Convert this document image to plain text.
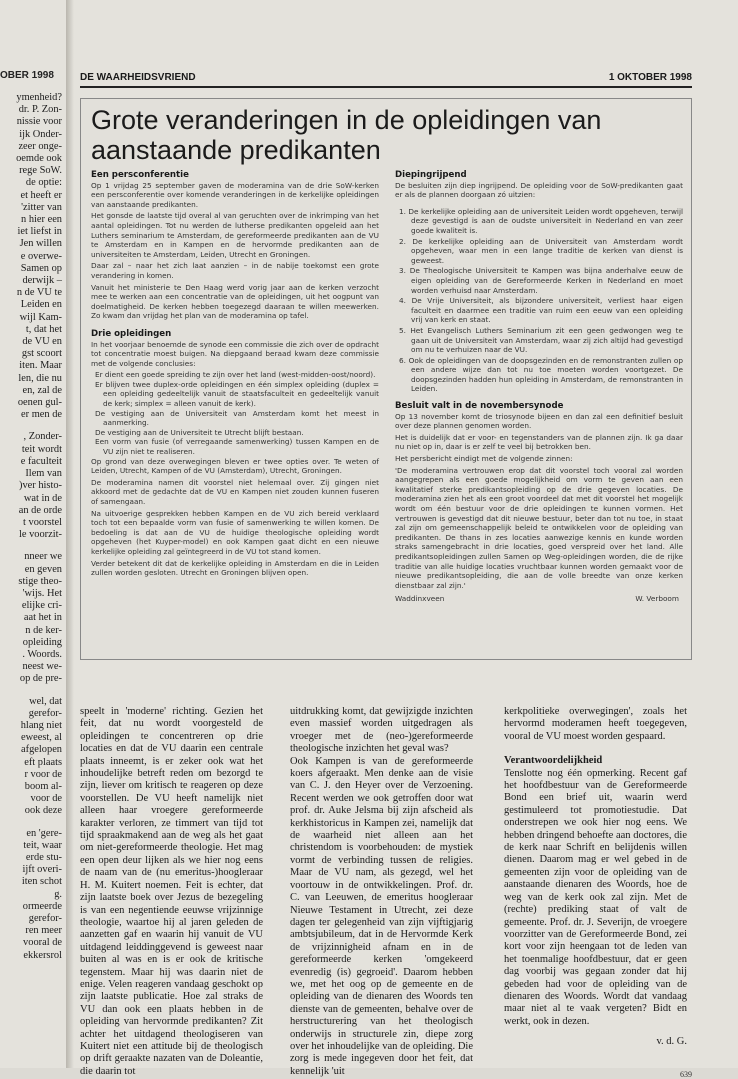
OBER 1998
ymenheid?
dr. P. Zon-
nissie voor
ijk Onder-
zeer onge-
oemde ook
rege SoW.
de optie:
et heeft er
'zitter van
n hier een
iet liefst in
Jen willen
e overwe-
Samen op
derwijk –
n de VU te
Leiden en
wijl Kam-
t, dat het
de VU en
gst scoort
iten. Maar
len, die nu
en, zal de
oenen gul-
er men de
, Zonder-
teit wordt
e faculteit
Ilem van
)ver histo-
wat in de
an de orde
t voorstel
le voorzit-
nneer we
en geven
stige theo-
'wijs. Het
elijke cri-
aat het in
n de ker-
opleiding
. Woords.
neest we-
op de pre-
wel, dat
gerefor-
hlang niet
eweest, al
afgelopen
eft plaats
r voor de
boom al-
voor de
ook deze
en 'gere-
teit, waar
erde stu-
ijft overi-
iten schot
g.
ormeerde
gerefor-
ren meer
vooral de
ekkersrol
DE WAARHEIDSVRIEND	1 OKTOBER 1998
Grote veranderingen in de opleidingen van aanstaande predikanten

Een persconferentie

Op 1 vrijdag 25 september gaven de moderamina van de drie SoW-kerken een persconferentie over komende veranderingen in de kerkelijke opleidingen van aanstaande predikanten.

Het gonsde de laatste tijd overal al van geruchten over de inkrimping van het aantal opleidingen. Tot nu werden de lutherse predikanten opgeleid aan het Luthers seminarium te Amsterdam, de gereformeerde predikanten aan de VU te Amsterdam en in Kampen en de hervormde predikanten aan de universiteiten te Amsterdam, Leiden, Utrecht en Groningen.

Daar zal – naar het zich laat aanzien – in de nabije toekomst een grote verandering in komen.

Vanuit het ministerie te Den Haag werd vorig jaar aan de kerken verzocht mee te werken aan een concentratie van de opleidingen, uit het oogpunt van doelmatigheid. De kerken hebben toegezegd daaraan te willen meewerken. Zo kwam dan vrijdag het plan van de moderamina op tafel.

Drie opleidingen

In het voorjaar benoemde de synode een commissie die zich over de opdracht tot concentratie moest buigen. Na diepgaand beraad kwam deze commissie met de volgende conclusies:

Er dient een goede spreiding te zijn over het land (west-midden-oost/noord).

Er blijven twee duplex-orde opleidingen en één simplex opleiding (duplex = een opleiding gedeeltelijk vanuit de staatsfaculteit en gedeeltelijk vanuit de kerk; simplex = alleen vanuit de kerk).

De vestiging aan de Universiteit van Amsterdam komt het meest in aanmerking.

De vestiging aan de Universiteit te Utrecht blijft bestaan.

Een vorm van fusie (of verregaande samenwerking) tussen Kampen en de VU zijn niet te realiseren.

Op grond van deze overwegingen bleven er twee opties over. Te weten of Leiden, Utrecht, Kampen of de VU (Amsterdam), Utrecht, Groningen.

De moderamina namen dit voorstel niet helemaal over. Zij gingen niet akkoord met de gedachte dat de VU en Kampen niet zouden kunnen fuseren of samengaan.

Na uitvoerige gesprekken hebben Kampen en de VU zich bereid verklaard toch tot een bepaalde vorm van fusie of samenwerking te willen komen. De bedoeling is dat aan de VU de huidige theologische opleiding wordt opgeheven (het Kuyper-model) en ook Kampen gaat dicht en een nieuwe kerkelijke opleiding zal geïntegreerd in de VU tot stand komen.

Verder betekent dit dat de kerkelijke opleiding in Amsterdam en die in Leiden zullen worden gesloten. Utrecht en Groningen blijven open.

Diepingrijpend

De besluiten zijn diep ingrijpend. De opleiding voor de SoW-predikanten gaat er als de plannen doorgaan zó uitzien:

1. De kerkelijke opleiding aan de universiteit Leiden wordt opgeheven, terwijl deze gevestigd is aan de oudste universiteit in Nederland en van zeer goede kwaliteit is.

2. De kerkelijke opleiding aan de Universiteit van Amsterdam wordt opgeheven, waar men in een lange traditie de kerken van dienst is geweest.

3. De Theologische Universiteit te Kampen was bijna anderhalve eeuw de eigen opleiding van de Gereformeerde Kerken in Nederland en moet worden verhuisd naar Amsterdam.

4. De Vrije Universiteit, als bijzondere universiteit, verliest haar eigen faculteit en daarmee een traditie van ruim een eeuw van een opleiding vrij van kerk en staat.

5. Het Evangelisch Luthers Seminarium zit een geen gedwongen weg te gaan uit de Universiteit van Amsterdam, waar zij zich altijd had gevestigd om nu te verhuizen naar de VU.

6. Ook de opleidingen van de doopsgezinden en de remonstranten zullen op een andere wijze dan tot nu toe moeten worden voortgezet. De doopsgezinden hadden hun opleiding in Amsterdam, de remonstranten in Leiden.

Besluit valt in de novembersynode

Op 13 november komt de triosynode bijeen en dan zal een definitief besluit over deze plannen genomen worden.

Het is duidelijk dat er voor- en tegenstanders van de plannen zijn. Ik ga daar nu niet op in, daar is er zelf te veel bij betrokken ben.

Het persbericht eindigt met de volgende zinnen:

'De moderamina vertrouwen erop dat dit voorstel toch vooral zal worden aangegrepen als een goede mogelijkheid om vorm te geven aan een kwalitatief sterke predikantsopleiding op de drie gegeven locaties. De moderamina zien het als een groot voordeel dat met dit voorstel het mogelijk wordt om één bestuur voor de drie opleidingen te kunnen vormen. Het vertrouwen is gevestigd dat dit nieuwe bestuur, beter dan tot nu toe, in staat zal zijn om gemeenschappelijk beleid te ontwikkelen voor de opleiding van predikanten. De thans in zes locaties aanwezige kennis en kunde worden straks samengebracht in drie locaties, goed verspreid over het land. Alle predikantsopleidingen zullen Samen op Weg-opleidingen worden, die de rijke traditie van alle huidige locaties vruchtbaar kunnen worden gemaakt voor de nieuwe predikantsopleiding, die aan de volle breedte van onze kerken dienstbaar zal zijn.'

Waddinxveen	W. Verboom

speelt in 'moderne' richting. Gezien het feit, dat nu wordt voorgesteld de opleidingen te concentreren op drie locaties en dat de VU daarin een centrale plaats inneemt, is er zeker ook wat het inhoudelijke betreft reden om bezorgd te zijn, liever om kritisch te reageren op deze voorstellen. De VU heeft namelijk niet alleen haar vroegere gereformeerde karakter verloren, ze timmert van tijd tot tijd spraakmakend aan de weg als het gaat om niet-gereformeerde theologie. Het mag een open deur lijken als we hier nog eens de naam van de (nu emeritus-)hoogleraar H. M. Kuitert noemen. Feit is echter, dat zijn laatste boek over Jezus de bezegeling is van een negentiende eeuwse vrijzinnige theologie, waartoe hij al jaren geleden de aanzetten gaf en waarin hij vanuit de VU uitdagend leiddinggevend is geweest naar buiten al was en is er ook de kritische tegenstem. Maar hij was daarin niet de enige. Velen reageren vandaag geschokt op zijn laatste publicatie. Hoe zal straks de VU dan ook een plaats hebben in de opleiding van hervormde predikanten? Zit achter het uitdagend theologiseren van Kuitert niet een attitude bij de theologisch op drift geraakte nazaten van de Doleantie, die daarin tot

uitdrukking komt, dat gewijzigde inzichten even massief worden uitgedragen als vroeger met de (neo-)gereformeerde theologische inzichten het geval was?

Ook Kampen is van de gereformeerde koers afgeraakt. Men denke aan de visie van C. J. den Heyer over de Verzoening. Recent werden we ook getroffen door wat prof. dr. Auke Jelsma bij zijn afscheid als kerkhistoricus in Kampen zei, namelijk dat de waarheid niet alleen aan het christendom is voorbehouden: de mystiek vormt de verbinding tussen de religies. Maar de VU nam, als gezegd, wel het voortouw in de ontwikkelingen. Prof. dr. C. van Leeuwen, de emeritus hoogleraar Nieuwe Testament in Utrecht, zei deze dagen ter gelegenheid van zijn vijftigjarig ambtsjubileum, dat in de Hervormde Kerk de vrijzinnigheid afnam en in de gereformeerde kerken 'omgekeerd evenredig (is) gegroeid'. Daarom hebben we, met het oog op de gemeente en de opleiding van de dienaren des Woords ten dienste van de gemeenten, behalve over de herstructurering van het theologisch onderwijs in structurele zin, diepe zorg over het inhoudelijke van de opleiding. Die zorg is mede ingegeven door het feit, dat kennelijk 'uit

kerkpolitieke overwegingen', zoals het hervormd moderamen heeft toegegeven, vooral de VU moest worden gespaard.

Verantwoordelijkheid

Tenslotte nog één opmerking. Recent gaf het hoofdbestuur van de Gereformeerde Bond een brief uit, waarin werd gestimuleerd tot promotiestudie. Dat onderstrepen we ook hier nog eens. We hebben dringend behoefte aan doctores, die de kerk naar Schrift en belijdenis willen dienen. Daarom mag er wel gebed in de gemeenten zijn voor de opleiding van de aanstaande dienaren des Woords, hoe de weg van de kerk ook zal zijn. Met de (rechte) prediking staat of valt de gemeente. Prof. dr. J. Severijn, de vroegere voorzitter van de Gereformeerde Bond, zei kort voor zijn heengaan tot de leden van het toenmalige hoofdbestuur, dat er geen dag voorbij was gegaan zonder dat hij gebeden had voor de opleiding van de dienaren des Woords. Wordt dat vandaag maar niet al te vaak vergeten? Bidt en werkt, ook in dezen.

v. d. G.

639
